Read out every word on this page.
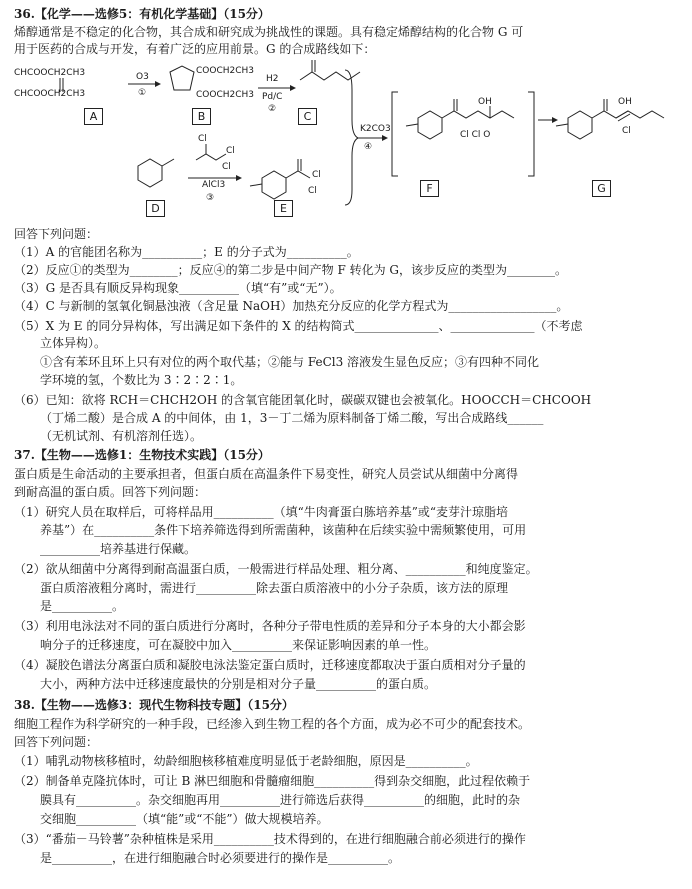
36.【化学——选修5：有机化学基础】（15分）
烯醇通常是不稳定的化合物，其合成和研究成为挑战性的课题。具有稳定烯醇结构的化合物 G 可
用于医药的合成与开发，有着广泛的应用前景。G 的合成路线如下：
CHCOOCH2CH3
CHCOOCH2CH3
O3
①
COOCH2CH3
COOCH2CH3
H2
Pd/C
②
K2CO3
④
OH
Cl Cl O
OH
Cl
Cl
Cl
Cl
AlCl3
③
Cl
Cl
A	B	C
D	E
F	G
回答下列问题：
（1）A 的官能团名称为__________；E 的分子式为__________。
（2）反应①的类型为________；反应④的第二步是中间产物 F 转化为 G，该步反应的类型为________。
（3）G 是否具有顺反异构现象__________（填“有”或“无”）。
（4）C 与新制的氢氧化铜悬浊液（含足量 NaOH）加热充分反应的化学方程式为__________________。
（5）X 为 E 的同分异构体，写出满足如下条件的 X 的结构简式______________、______________（不考虑
立体异构）。
①含有苯环且环上只有对位的两个取代基；②能与 FeCl3 溶液发生显色反应；③有四种不同化
学环境的氢，个数比为 3∶2∶2∶1。
（6）已知：欲将 RCH＝CHCH2OH 的含氧官能团氧化时，碳碳双键也会被氧化。HOOCCH＝CHCOOH
（丁烯二酸）是合成 A 的中间体，由 1，3－丁二烯为原料制备丁烯二酸，写出合成路线______
（无机试剂、有机溶剂任选）。
37.【生物——选修1：生物技术实践】（15分）
蛋白质是生命活动的主要承担者，但蛋白质在高温条件下易变性，研究人员尝试从细菌中分离得
到耐高温的蛋白质。回答下列问题：
（1）研究人员在取样后，可将样品用__________（填“牛肉膏蛋白胨培养基”或“麦芽汁琼脂培
养基”）在__________条件下培养筛选得到所需菌种，该菌种在后续实验中需频繁使用，可用
__________培养基进行保藏。
（2）欲从细菌中分离得到耐高温蛋白质，一般需进行样品处理、粗分离、__________和纯度鉴定。
蛋白质溶液粗分离时，需进行__________除去蛋白质溶液中的小分子杂质，该方法的原理
是__________。
（3）利用电泳法对不同的蛋白质进行分离时，各种分子带电性质的差异和分子本身的大小都会影
响分子的迁移速度，可在凝胶中加入__________来保证影响因素的单一性。
（4）凝胶色谱法分离蛋白质和凝胶电泳法鉴定蛋白质时，迁移速度都取决于蛋白质相对分子量的
大小，两种方法中迁移速度最快的分别是相对分子量__________的蛋白质。
38.【生物——选修3：现代生物科技专题】（15分）
细胞工程作为科学研究的一种手段，已经渗入到生物工程的各个方面，成为必不可少的配套技术。
回答下列问题：
（1）哺乳动物核移植时，幼龄细胞核移植难度明显低于老龄细胞，原因是__________。
（2）制备单克隆抗体时，可让 B 淋巴细胞和骨髓瘤细胞__________得到杂交细胞，此过程依赖于
膜具有__________。杂交细胞再用__________进行筛选后获得__________的细胞，此时的杂
交细胞__________（填“能”或“不能”）做大规模培养。
（3）“番茄－马铃薯”杂种植株是采用__________技术得到的，在进行细胞融合前必须进行的操作
是__________，在进行细胞融合时必须要进行的操作是__________。
